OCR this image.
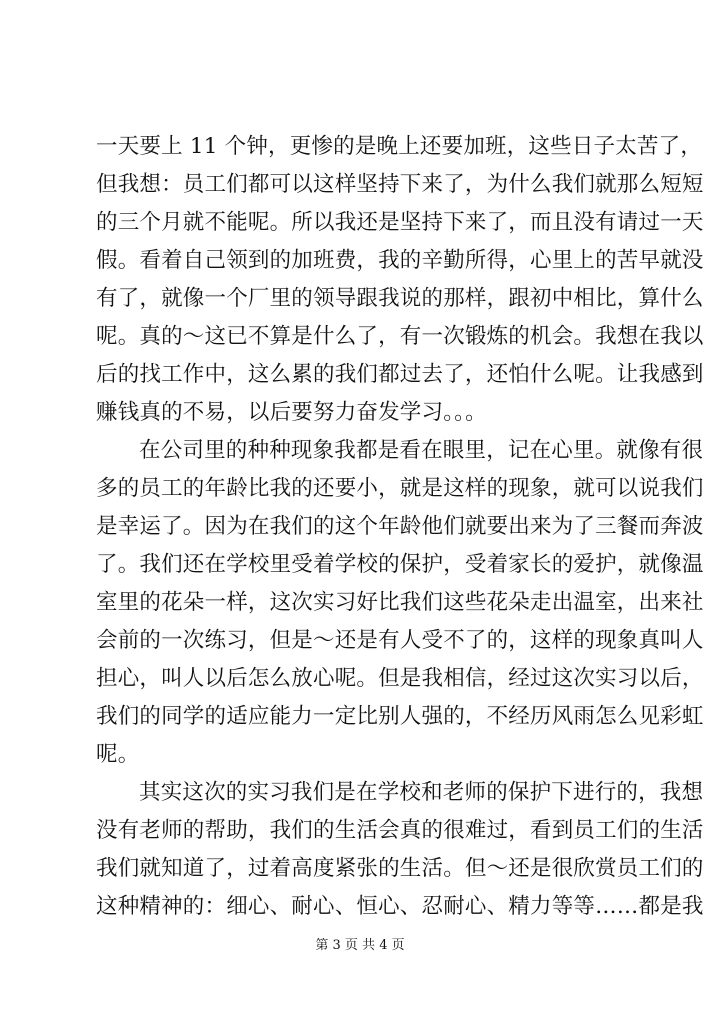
一天要上 11 个钟，更惨的是晚上还要加班，这些日子太苦了，
但我想：员工们都可以这样坚持下来了，为什么我们就那么短短
的三个月就不能呢。所以我还是坚持下来了，而且没有请过一天
假。看着自己领到的加班费，我的辛勤所得，心里上的苦早就没
有了，就像一个厂里的领导跟我说的那样，跟初中相比，算什么
呢。真的～这已不算是什么了，有一次锻炼的机会。我想在我以
后的找工作中，这么累的我们都过去了，还怕什么呢。让我感到
赚钱真的不易，以后要努力奋发学习。。。
在公司里的种种现象我都是看在眼里，记在心里。就像有很
多的员工的年龄比我的还要小，就是这样的现象，就可以说我们
是幸运了。因为在我们的这个年龄他们就要出来为了三餐而奔波
了。我们还在学校里受着学校的保护，受着家长的爱护，就像温
室里的花朵一样，这次实习好比我们这些花朵走出温室，出来社
会前的一次练习，但是～还是有人受不了的，这样的现象真叫人
担心，叫人以后怎么放心呢。但是我相信，经过这次实习以后，
我们的同学的适应能力一定比别人强的，不经历风雨怎么见彩虹
呢。
其实这次的实习我们是在学校和老师的保护下进行的，我想
没有老师的帮助，我们的生活会真的很难过，看到员工们的生活
我们就知道了，过着高度紧张的生活。但～还是很欣赏员工们的
这种精神的：细心、耐心、恒心、忍耐心、精力等等……都是我
第 3 页 共 4 页
